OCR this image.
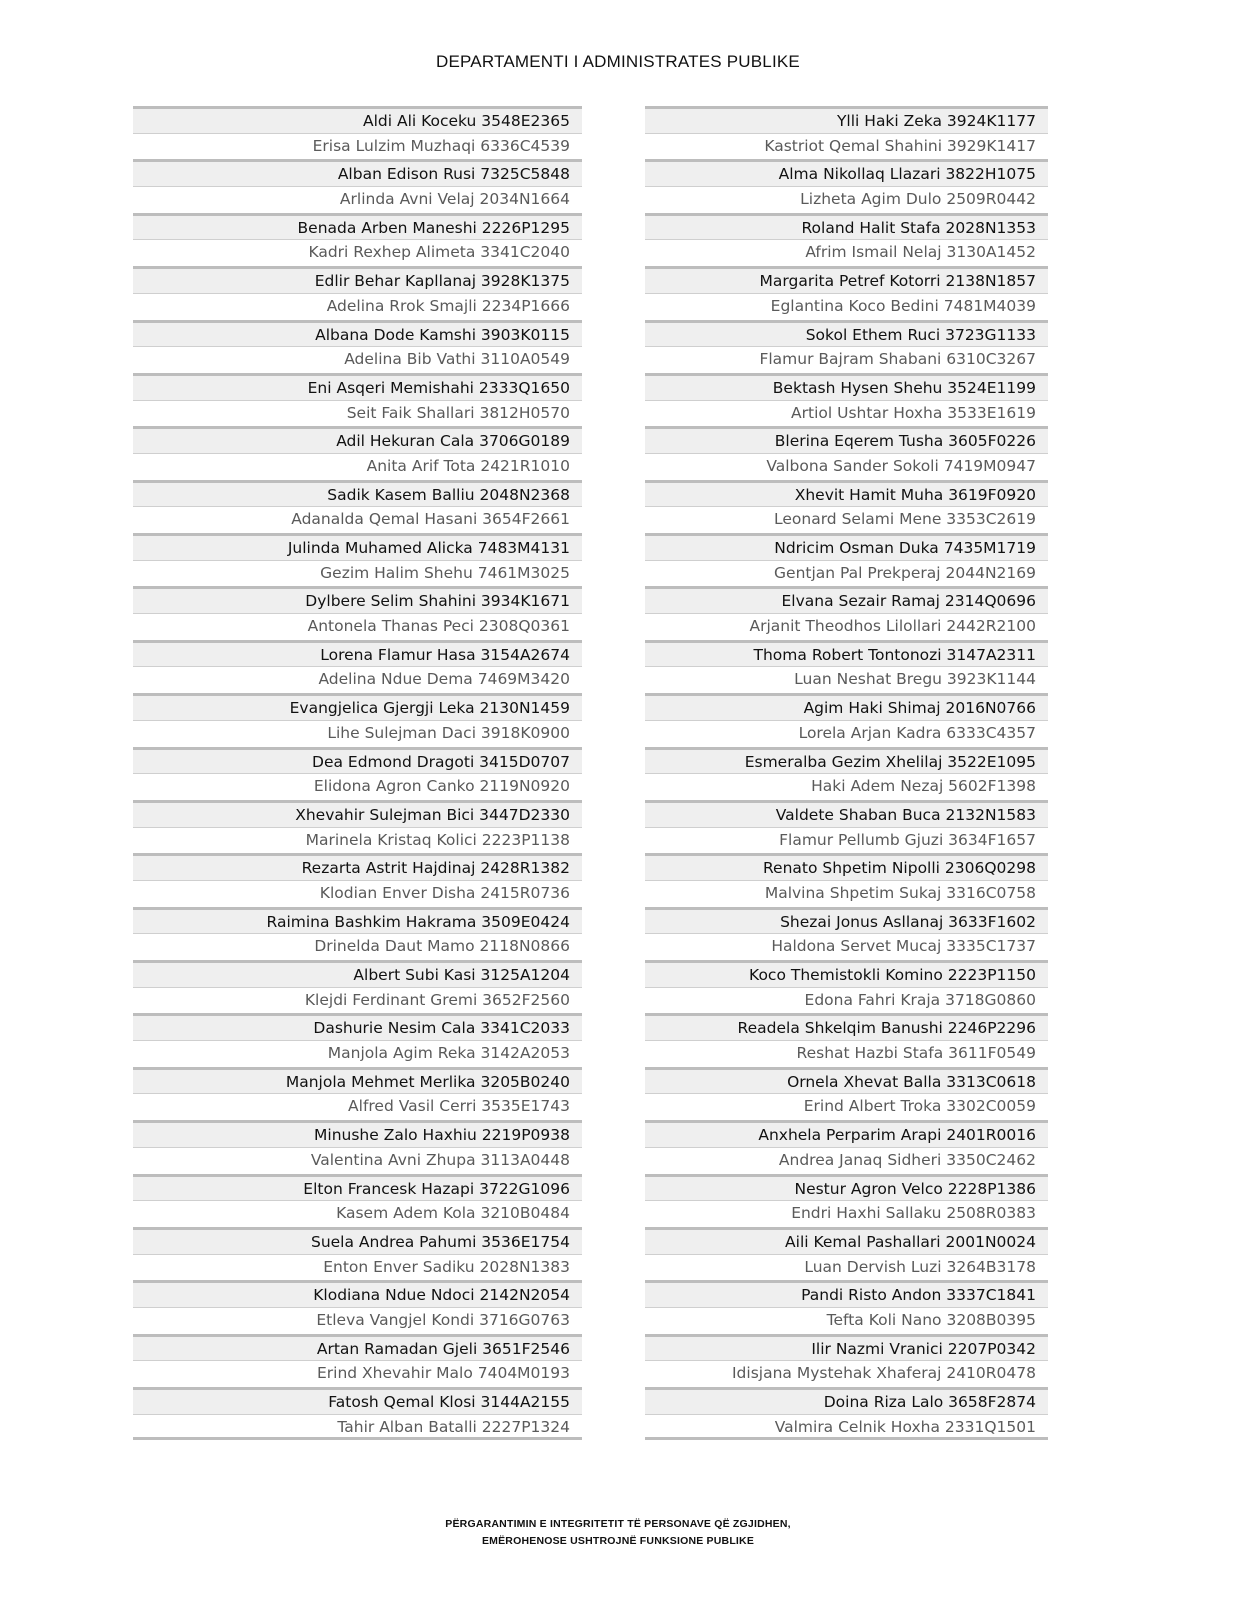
DEPARTAMENTI I ADMINISTRATES PUBLIKE
Aldi Ali Koceku 3548E2365
Erisa Lulzim Muzhaqi 6336C4539
Alban Edison Rusi 7325C5848
Arlinda Avni Velaj 2034N1664
Benada Arben Maneshi 2226P1295
Kadri Rexhep Alimeta 3341C2040
Edlir Behar Kapllanaj 3928K1375
Adelina Rrok Smajli 2234P1666
Albana Dode Kamshi 3903K0115
Adelina Bib Vathi 3110A0549
Eni Asqeri Memishahi 2333Q1650
Seit Faik Shallari 3812H0570
Adil Hekuran Cala 3706G0189
Anita Arif Tota 2421R1010
Sadik Kasem Balliu 2048N2368
Adanalda Qemal Hasani 3654F2661
Julinda Muhamed Alicka 7483M4131
Gezim Halim Shehu 7461M3025
Dylbere Selim Shahini 3934K1671
Antonela Thanas Peci 2308Q0361
Lorena Flamur Hasa 3154A2674
Adelina Ndue Dema 7469M3420
Evangjelica Gjergji Leka 2130N1459
Lihe Sulejman Daci 3918K0900
Dea Edmond Dragoti 3415D0707
Elidona Agron Canko 2119N0920
Xhevahir Sulejman Bici 3447D2330
Marinela Kristaq Kolici 2223P1138
Rezarta Astrit Hajdinaj 2428R1382
Klodian Enver Disha 2415R0736
Raimina Bashkim Hakrama 3509E0424
Drinelda Daut Mamo 2118N0866
Albert Subi Kasi 3125A1204
Klejdi Ferdinant Gremi 3652F2560
Dashurie Nesim Cala 3341C2033
Manjola Agim Reka 3142A2053
Manjola Mehmet Merlika 3205B0240
Alfred Vasil Cerri 3535E1743
Minushe Zalo Haxhiu 2219P0938
Valentina Avni Zhupa 3113A0448
Elton Francesk Hazapi 3722G1096
Kasem Adem Kola 3210B0484
Suela Andrea Pahumi 3536E1754
Enton Enver Sadiku 2028N1383
Klodiana Ndue Ndoci 2142N2054
Etleva Vangjel Kondi 3716G0763
Artan Ramadan Gjeli 3651F2546
Erind Xhevahir Malo 7404M0193
Fatosh Qemal Klosi 3144A2155
Tahir Alban Batalli 2227P1324
Ylli Haki Zeka 3924K1177
Kastriot Qemal Shahini 3929K1417
Alma Nikollaq Llazari 3822H1075
Lizheta Agim Dulo 2509R0442
Roland Halit Stafa 2028N1353
Afrim Ismail Nelaj 3130A1452
Margarita Petref Kotorri 2138N1857
Eglantina Koco Bedini 7481M4039
Sokol Ethem Ruci 3723G1133
Flamur Bajram Shabani 6310C3267
Bektash Hysen Shehu 3524E1199
Artiol Ushtar Hoxha 3533E1619
Blerina Eqerem Tusha 3605F0226
Valbona Sander Sokoli 7419M0947
Xhevit Hamit Muha 3619F0920
Leonard Selami Mene 3353C2619
Ndricim Osman Duka 7435M1719
Gentjan Pal Prekperaj 2044N2169
Elvana Sezair Ramaj 2314Q0696
Arjanit Theodhos Lilollari 2442R2100
Thoma Robert Tontonozi 3147A2311
Luan Neshat Bregu 3923K1144
Agim Haki Shimaj 2016N0766
Lorela Arjan Kadra 6333C4357
Esmeralba Gezim Xhelilaj 3522E1095
Haki Adem Nezaj 5602F1398
Valdete Shaban Buca 2132N1583
Flamur Pellumb Gjuzi 3634F1657
Renato Shpetim Nipolli 2306Q0298
Malvina Shpetim Sukaj 3316C0758
Shezai Jonus Asllanaj 3633F1602
Haldona Servet Mucaj 3335C1737
Koco Themistokli Komino 2223P1150
Edona Fahri Kraja 3718G0860
Readela Shkelqim Banushi 2246P2296
Reshat Hazbi Stafa 3611F0549
Ornela Xhevat Balla 3313C0618
Erind Albert Troka 3302C0059
Anxhela Perparim Arapi 2401R0016
Andrea Janaq Sidheri 3350C2462
Nestur Agron Velco 2228P1386
Endri Haxhi Sallaku 2508R0383
Aili Kemal Pashallari 2001N0024
Luan Dervish Luzi 3264B3178
Pandi Risto Andon 3337C1841
Tefta Koli Nano 3208B0395
Ilir Nazmi Vranici 2207P0342
Idisjana Mystehak Xhaferaj 2410R0478
Doina Riza Lalo 3658F2874
Valmira Celnik Hoxha 2331Q1501
PËRGARANTIMIN E INTEGRITETIT TË PERSONAVE QË ZGJIDHEN,
EMËROHENOSE USHTROJNË FUNKSIONE PUBLIKE
